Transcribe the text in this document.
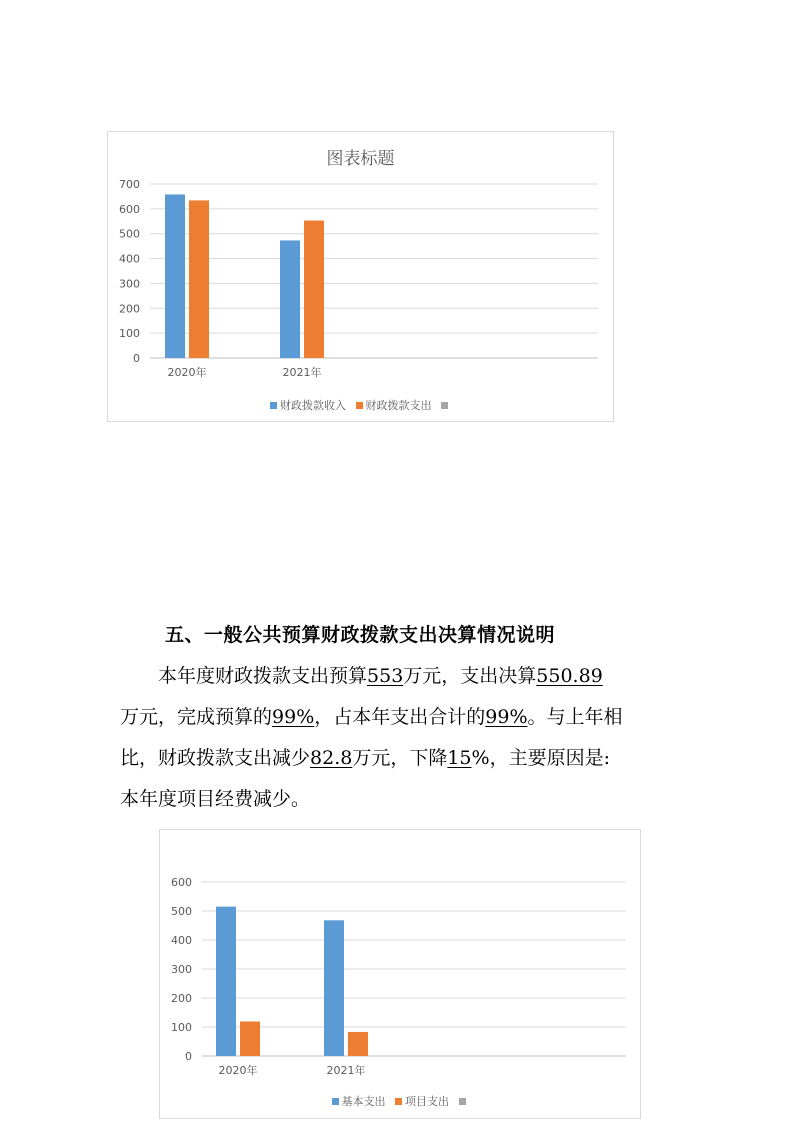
图表标题
0
100
200
300
400
500
600
700
2020年	2021年
财政拨款收入
财政拨款支出

五、一般公共预算财政拨款支出决算情况说明
本年度财政拨款支出预算553万元，支出决算550.89
万元，完成预算的99%，占本年支出合计的99%。与上年相
比，财政拨款支出减少82.8万元，下降15%，主要原因是:
本年度项目经费减少。
0
100
200
300
400
500
600
2020年	2021年
基本支出
项目支出
